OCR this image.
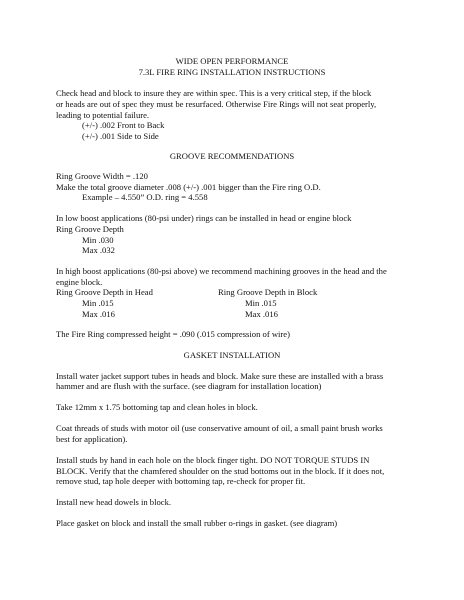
WIDE OPEN PERFORMANCE
7.3L FIRE RING INSTALLATION INSTRUCTIONS
Check head and block to insure they are within spec. This is a very critical step, if the block
or heads are out of spec they must be resurfaced. Otherwise Fire Rings will not seat properly,
leading to potential failure.
(+/-) .002 Front to Back
(+/-) .001 Side to Side
GROOVE RECOMMENDATIONS
Ring Groove Width = .120
Make the total groove diameter .008 (+/-) .001 bigger than the Fire ring O.D.
Example – 4.550” O.D. ring = 4.558
In low boost applications (80-psi under) rings can be installed in head or engine block
Ring Groove Depth
Min .030
Max .032
In high boost applications (80-psi above) we recommend machining grooves in the head and the
engine block.
Ring Groove Depth in Head
Min .015
Max .016
Ring Groove Depth in Block
Min .015
Max .016
The Fire Ring compressed height = .090 (.015 compression of wire)
GASKET INSTALLATION
Install water jacket support tubes in heads and block. Make sure these are installed with a brass
hammer and are flush with the surface. (see diagram for installation location)
Take 12mm x 1.75 bottoming tap and clean holes in block.
Coat threads of studs with motor oil (use conservative amount of oil, a small paint brush works
best for application).
Install studs by hand in each hole on the block finger tight. DO NOT TORQUE STUDS IN
BLOCK. Verify that the chamfered shoulder on the stud bottoms out in the block. If it does not,
remove stud, tap hole deeper with bottoming tap, re-check for proper fit.
Install new head dowels in block.
Place gasket on block and install the small rubber o-rings in gasket. (see diagram)
